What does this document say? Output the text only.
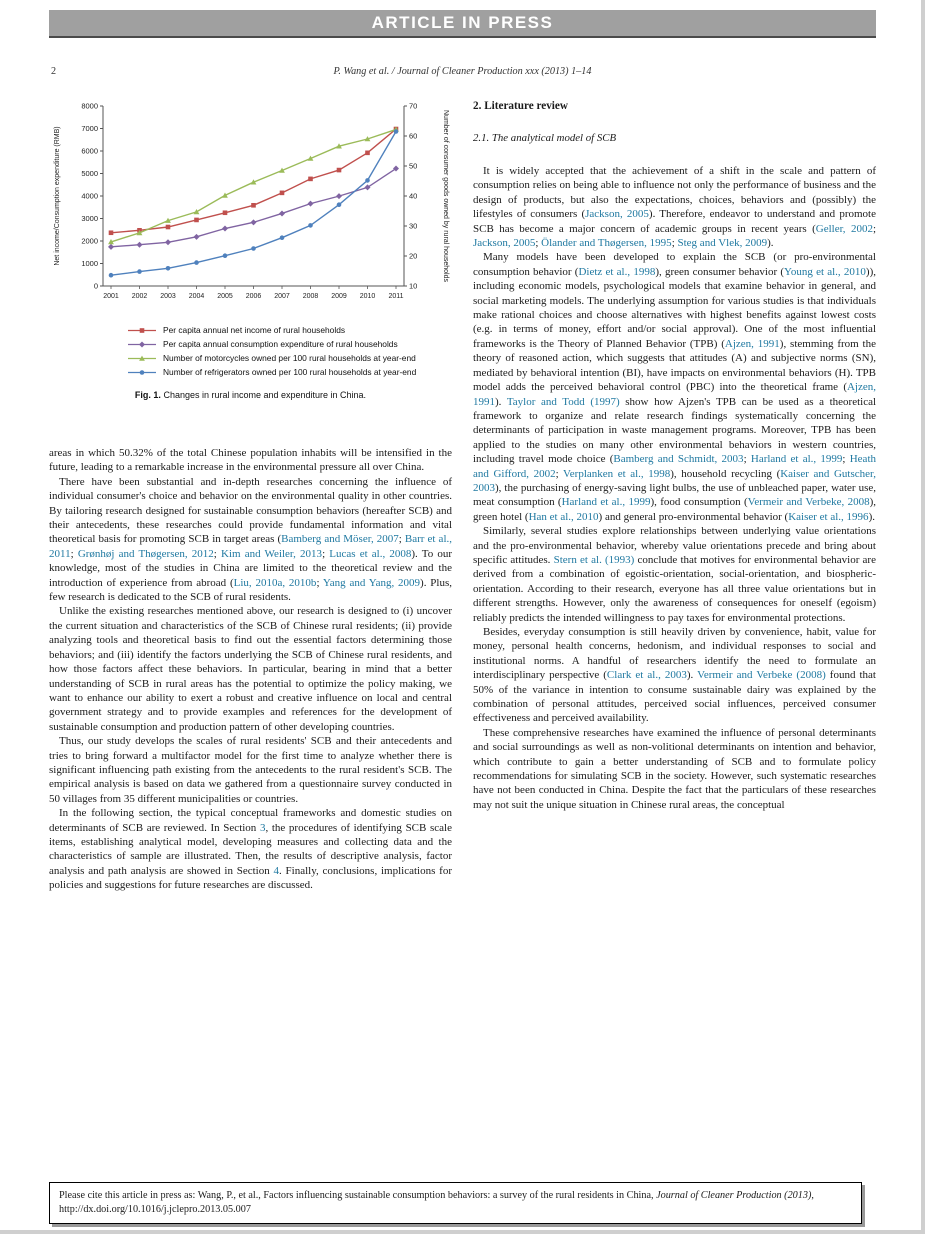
ARTICLE IN PRESS
2	P. Wang et al. / Journal of Cleaner Production xxx (2013) 1–14
0
1000
2000
3000
4000
5000
6000
7000
8000
10
20
30
40
50
60
70
2001 2002 2003 2004 2005 2006 2007 2008 2009 2010 2011
Net income/Consumption expenditure (RMB)	Number of consumer goods owned by rural households
Per capita annual net income of rural households
Per capita annual consumption expenditure of rural households
Number of motorcycles owned per 100 rural households at year-end
Number of refrigerators owned per 100 rural households at year-end
Fig. 1. Changes in rural income and expenditure in China.

areas in which 50.32% of the total Chinese population inhabits will be intensified in the future, leading to a remarkable increase in the environmental pressure all over China.

There have been substantial and in-depth researches concerning the influence of individual consumer's choice and behavior on the environmental quality in other countries. By tailoring research designed for sustainable consumption behaviors (hereafter SCB) and their antecedents, these researches could provide fundamental information and vital theoretical basis for promoting SCB in target areas (Bamberg and Möser, 2007; Barr et al., 2011; Grønhøj and Thøgersen, 2012; Kim and Weiler, 2013; Lucas et al., 2008). To our knowledge, most of the studies in China are limited to the theoretical review and the introduction of experience from abroad (Liu, 2010a, 2010b; Yang and Yang, 2009). Plus, few research is dedicated to the SCB of rural residents.

Unlike the existing researches mentioned above, our research is designed to (i) uncover the current situation and characteristics of the SCB of Chinese rural residents; (ii) provide analyzing tools and theoretical basis to find out the essential factors determining those behaviors; and (iii) identify the factors underlying the SCB of Chinese rural residents, and how those factors affect these behaviors. In particular, bearing in mind that a better understanding of SCB in rural areas has the potential to optimize the policy making, we want to enhance our ability to exert a robust and creative influence on local and central government strategy and to provide examples and references for the development of sustainable consumption and production pattern of other developing countries.

Thus, our study develops the scales of rural residents' SCB and their antecedents and tries to bring forward a multifactor model for the first time to analyze whether there is significant influencing path existing from the antecedents to the rural resident's SCB. The empirical analysis is based on data we gathered from a questionnaire survey conducted in 50 villages from 35 different municipalities or countries.

In the following section, the typical conceptual frameworks and domestic studies on determinants of SCB are reviewed. In Section 3, the procedures of identifying SCB scale items, establishing analytical model, developing measures and collecting data and the characteristics of sample are illustrated. Then, the results of descriptive analysis, factor analysis and path analysis are showed in Section 4. Finally, conclusions, implications for policies and suggestions for future researches are discussed.

2. Literature review
2.1. The analytical model of SCB

It is widely accepted that the achievement of a shift in the scale and pattern of consumption relies on being able to influence not only the performance of business and the design of products, but also the expectations, choices, behaviors and (possibly) the lifestyles of consumers (Jackson, 2005). Therefore, endeavor to understand and promote SCB has become a major concern of academic groups in recent years (Geller, 2002; Jackson, 2005; Ölander and Thøgersen, 1995; Steg and Vlek, 2009).

Many models have been developed to explain the SCB (or pro-environmental consumption behavior (Dietz et al., 1998), green consumer behavior (Young et al., 2010)), including economic models, psychological models that examine behavior in general, and social marketing models. The underlying assumption for various studies is that individuals make rational choices and choose alternatives with highest benefits against lowest costs (e.g. in terms of money, effort and/or social approval). One of the most influential frameworks is the Theory of Planned Behavior (TPB) (Ajzen, 1991), stemming from the theory of reasoned action, which suggests that attitudes (A) and subjective norms (SN), mediated by behavioral intention (BI), have impacts on environmental behaviors (H). TPB model adds the perceived behavioral control (PBC) into the theoretical frame (Ajzen, 1991). Taylor and Todd (1997) show how Ajzen's TPB can be used as a theoretical framework to organize and relate research findings systematically concerning the determinants of participation in waste management programs. Moreover, TPB has been applied to the studies on many other environmental behaviors in western countries, including travel mode choice (Bamberg and Schmidt, 2003; Harland et al., 1999; Heath and Gifford, 2002; Verplanken et al., 1998), household recycling (Kaiser and Gutscher, 2003), the purchasing of energy-saving light bulbs, the use of unbleached paper, water use, meat consumption (Harland et al., 1999), food consumption (Vermeir and Verbeke, 2008), green hotel (Han et al., 2010) and general pro-environmental behavior (Kaiser et al., 1996).

Similarly, several studies explore relationships between underlying value orientations and the pro-environmental behavior, whereby value orientations precede and bring about specific attitudes. Stern et al. (1993) conclude that motives for environmental behavior are derived from a combination of egoistic-orientation, social-orientation, and biospheric-orientation. According to their research, everyone has all three value orientations but in different strengths. However, only the awareness of consequences for oneself (egoism) reliably predicts the intended willingness to pay taxes for environmental protections.

Besides, everyday consumption is still heavily driven by convenience, habit, value for money, personal health concerns, hedonism, and individual responses to social and institutional norms. A handful of researchers identify the need to formulate an interdisciplinary perspective (Clark et al., 2003). Vermeir and Verbeke (2008) found that 50% of the variance in intention to consume sustainable dairy was explained by the combination of personal attitudes, perceived social influences, perceived consumer effectiveness and perceived availability.

These comprehensive researches have examined the influence of personal determinants and social surroundings as well as non-volitional determinants on intention and behavior, which contribute to gain a better understanding of SCB and to formulate policy recommendations for simulating SCB in the society. However, such systematic researches have not been conducted in China. Despite the fact that the particulars of these researches may not suit the unique situation in Chinese rural areas, the conceptual

Please cite this article in press as: Wang, P., et al., Factors influencing sustainable consumption behaviors: a survey of the rural residents in China, Journal of Cleaner Production (2013), http://dx.doi.org/10.1016/j.jclepro.2013.05.007
